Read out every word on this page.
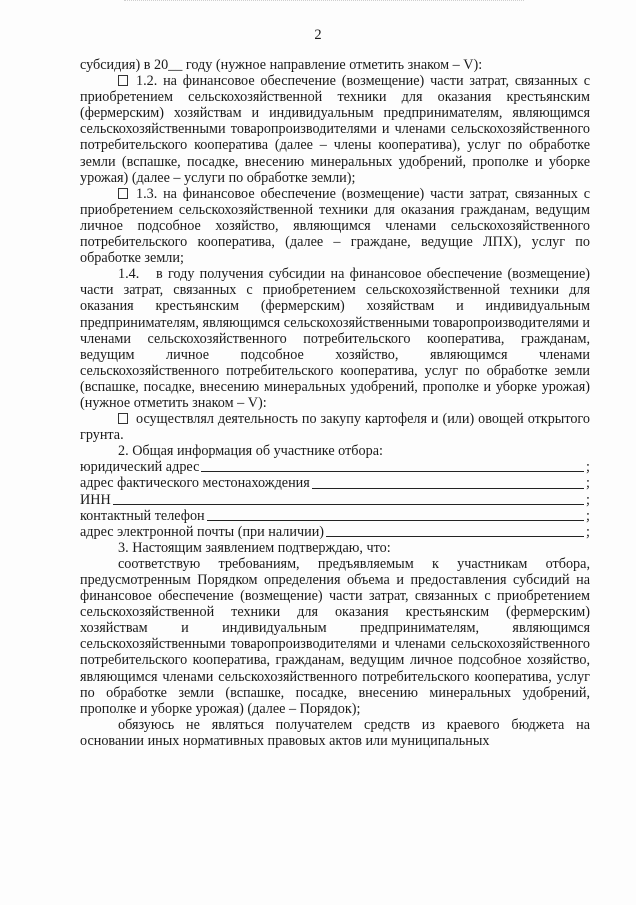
2

субсидия) в 20__ году (нужное направление отметить знаком – V):

1.2. на финансовое обеспечение (возмещение) части затрат, связанных с приобретением сельскохозяйственной техники для оказания крестьянским (фермерским) хозяйствам и индивидуальным предпринимателям, являющимся сельскохозяйственными товаропроизводителями и членами сельскохозяйственного потребительского кооператива (далее – члены кооператива), услуг по обработке земли (вспашке, посадке, внесению минеральных удобрений, прополке и уборке урожая) (далее – услуги по обработке земли);

1.3. на финансовое обеспечение (возмещение) части затрат, связанных с приобретением сельскохозяйственной техники для оказания гражданам, ведущим личное подсобное хозяйство, являющимся членами сельскохозяйственного потребительского кооператива, (далее – граждане, ведущие ЛПХ), услуг по обработке земли;

1.4. в году получения субсидии на финансовое обеспечение (возмещение) части затрат, связанных с приобретением сельскохозяйственной техники для оказания крестьянским (фермерским) хозяйствам и индивидуальным предпринимателям, являющимся сельскохозяйственными товаропроизводителями и членами сельскохозяйственного потребительского кооператива, гражданам, ведущим личное подсобное хозяйство, являющимся членами сельскохозяйственного потребительского кооператива, услуг по обработке земли (вспашке, посадке, внесению минеральных удобрений, прополке и уборке урожая) (нужное отметить знаком – V):

осуществлял деятельность по закупу картофеля и (или) овощей открытого грунта.

2. Общая информация об участнике отбора:

юридический адрес	;
адрес фактического местонахождения	;
ИНН	;
контактный телефон	;
адрес электронной почты (при наличии)	;

3. Настоящим заявлением подтверждаю, что:

соответствую требованиям, предъявляемым к участникам отбора, предусмотренным Порядком определения объема и предоставления субсидий на финансовое обеспечение (возмещение) части затрат, связанных с приобретением сельскохозяйственной техники для оказания крестьянским (фермерским) хозяйствам и индивидуальным предпринимателям, являющимся сельскохозяйственными товаропроизводителями и членами сельскохозяйственного потребительского кооператива, гражданам, ведущим личное подсобное хозяйство, являющимся членами сельскохозяйственного потребительского кооператива, услуг по обработке земли (вспашке, посадке, внесению минеральных удобрений, прополке и уборке урожая) (далее – Порядок);

обязуюсь не являться получателем средств из краевого бюджета на основании иных нормативных правовых актов или муниципальных
